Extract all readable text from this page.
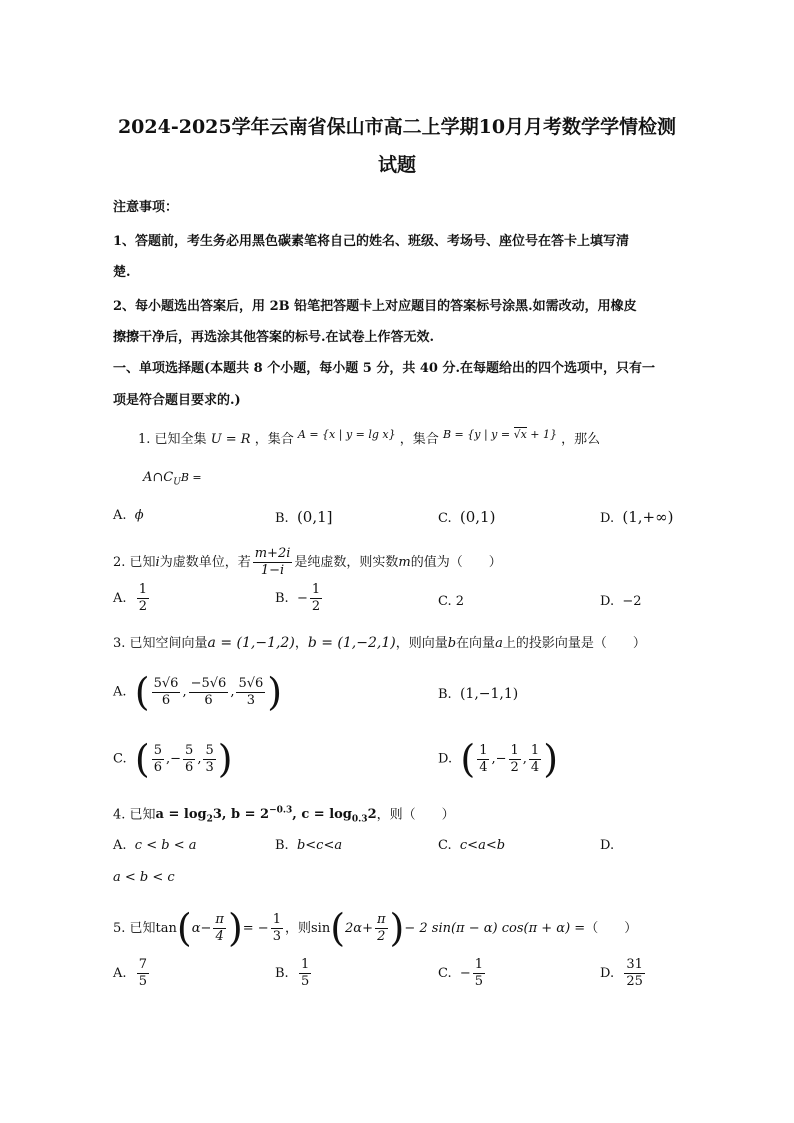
2024-2025学年云南省保山市高二上学期10月月考数学学情检测
试题
注意事项：
1、答题前，考生务必用黑色碳素笔将自己的姓名、班级、考场号、座位号在答卡上填写清
楚.
2、每小题选出答案后，用 2B 铅笔把答题卡上对应题目的答案标号涂黑.如需改动，用橡皮
擦擦干净后，再选涂其他答案的标号.在试卷上作答无效.
一、单项选择题(本题共 8 个小题，每小题 5 分，共 40 分.在每题给出的四个选项中，只有一
项是符合题目要求的.)
1. 已知全集 U = R ，集合 $^{A = \{x | y = lg x\}}$ ，集合 $^{B = \{y | y = √x + 1\}}$ ，那么
$A\cap C_UB$ =
A. ϕ	B. (0,1]	C. (0,1)	D. (1,+∞)
2. 已知i为虚数单位，若 $\frac{m+2i}{1-i}$ 是纯虚数，则实数m的值为（　　）
A. $\frac{1}{2}$	B. − $\frac{1}{2}$	C. 2	D. −2
3. 已知空间向量a = (1,−1,2)，b = (1,−2,1)，则向量b在向量a上的投影向量是（　　）
A. ( $\frac{5√6}{6}$ , $\frac{-5√6}{6}$ , $\frac{5√6}{3}$ )	B. (1,−1,1)
C. ( $\frac{5}{6}$ ,− $\frac{5}{6}$ , $\frac{5}{3}$ )	D. ( $\frac{1}{4}$ ,− $\frac{1}{2}$ , $\frac{1}{4}$ )
4. 已知$a = \log_23$, $b = 2^{-0.3}$, $c = \log_{0.3}2$，则（　　）
A. c < b < a	B. b<c<a	C. c<a<b	D.
a < b < c
5. 已知$\tan(\alpha- \frac{\pi}{4}$ )= − $\frac{1}{3}$ ，则$\sin(2\alpha+ \frac{\pi}{2}$ )− 2 sin(π − α) cos(π + α) =（　　）
A. $\frac{7}{5}$	B. $\frac{1}{5}$	C. − $\frac{1}{5}$	D. $\frac{31}{25}$
